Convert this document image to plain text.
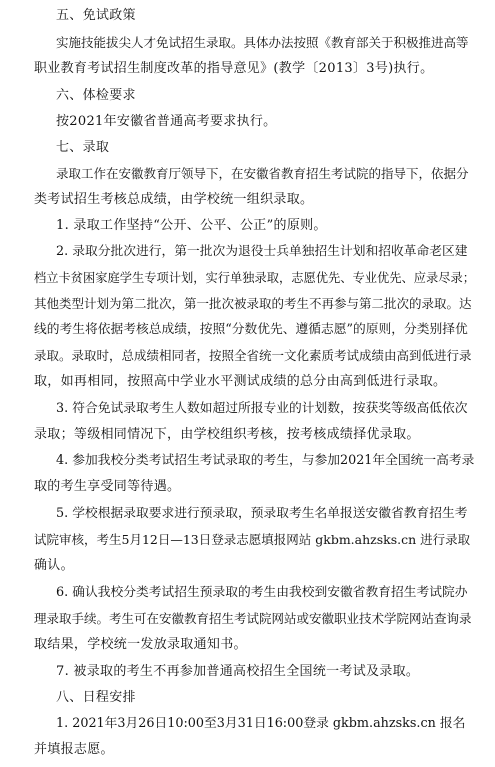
五、免试政策
实施技能拔尖人才免试招生录取。具体办法按照《教育部关于积极推进高等
职业教育考试招生制度改革的指导意见》(教学〔2013〕3号)执行。
六、体检要求
按2021年安徽省普通高考要求执行。
七、录取
录取工作在安徽教育厅领导下，在安徽省教育招生考试院的指导下，依据分
类考试招生考核总成绩，由学校统一组织录取。
1. 录取工作坚持“公开、公平、公正”的原则。
2. 录取分批次进行，第一批次为退役士兵单独招生计划和招收革命老区建
档立卡贫困家庭学生专项计划，实行单独录取，志愿优先、专业优先、应录尽录；
其他类型计划为第二批次，第一批次被录取的考生不再参与第二批次的录取。达
线的考生将依据考核总成绩，按照“分数优先、遵循志愿”的原则，分类别择优
录取。录取时，总成绩相同者，按照全省统一文化素质考试成绩由高到低进行录
取，如再相同，按照高中学业水平测试成绩的总分由高到低进行录取。
3. 符合免试录取考生人数如超过所报专业的计划数，按获奖等级高低依次
录取；等级相同情况下，由学校组织考核，按考核成绩择优录取。
4. 参加我校分类考试招生考试录取的考生，与参加2021年全国统一高考录
取的考生享受同等待遇。
5. 学校根据录取要求进行预录取，预录取考生名单报送安徽省教育招生考
试院审核，考生5月12日—13日登录志愿填报网站 gkbm.ahzsks.cn 进行录取
确认。
6. 确认我校分类考试招生预录取的考生由我校到安徽省教育招生考试院办
理录取手续。考生可在安徽教育招生考试院网站或安徽职业技术学院网站查询录
取结果，学校统一发放录取通知书。
7. 被录取的考生不再参加普通高校招生全国统一考试及录取。
八、日程安排
1. 2021年3月26日10:00至3月31日16:00登录 gkbm.ahzsks.cn 报名
并填报志愿。
